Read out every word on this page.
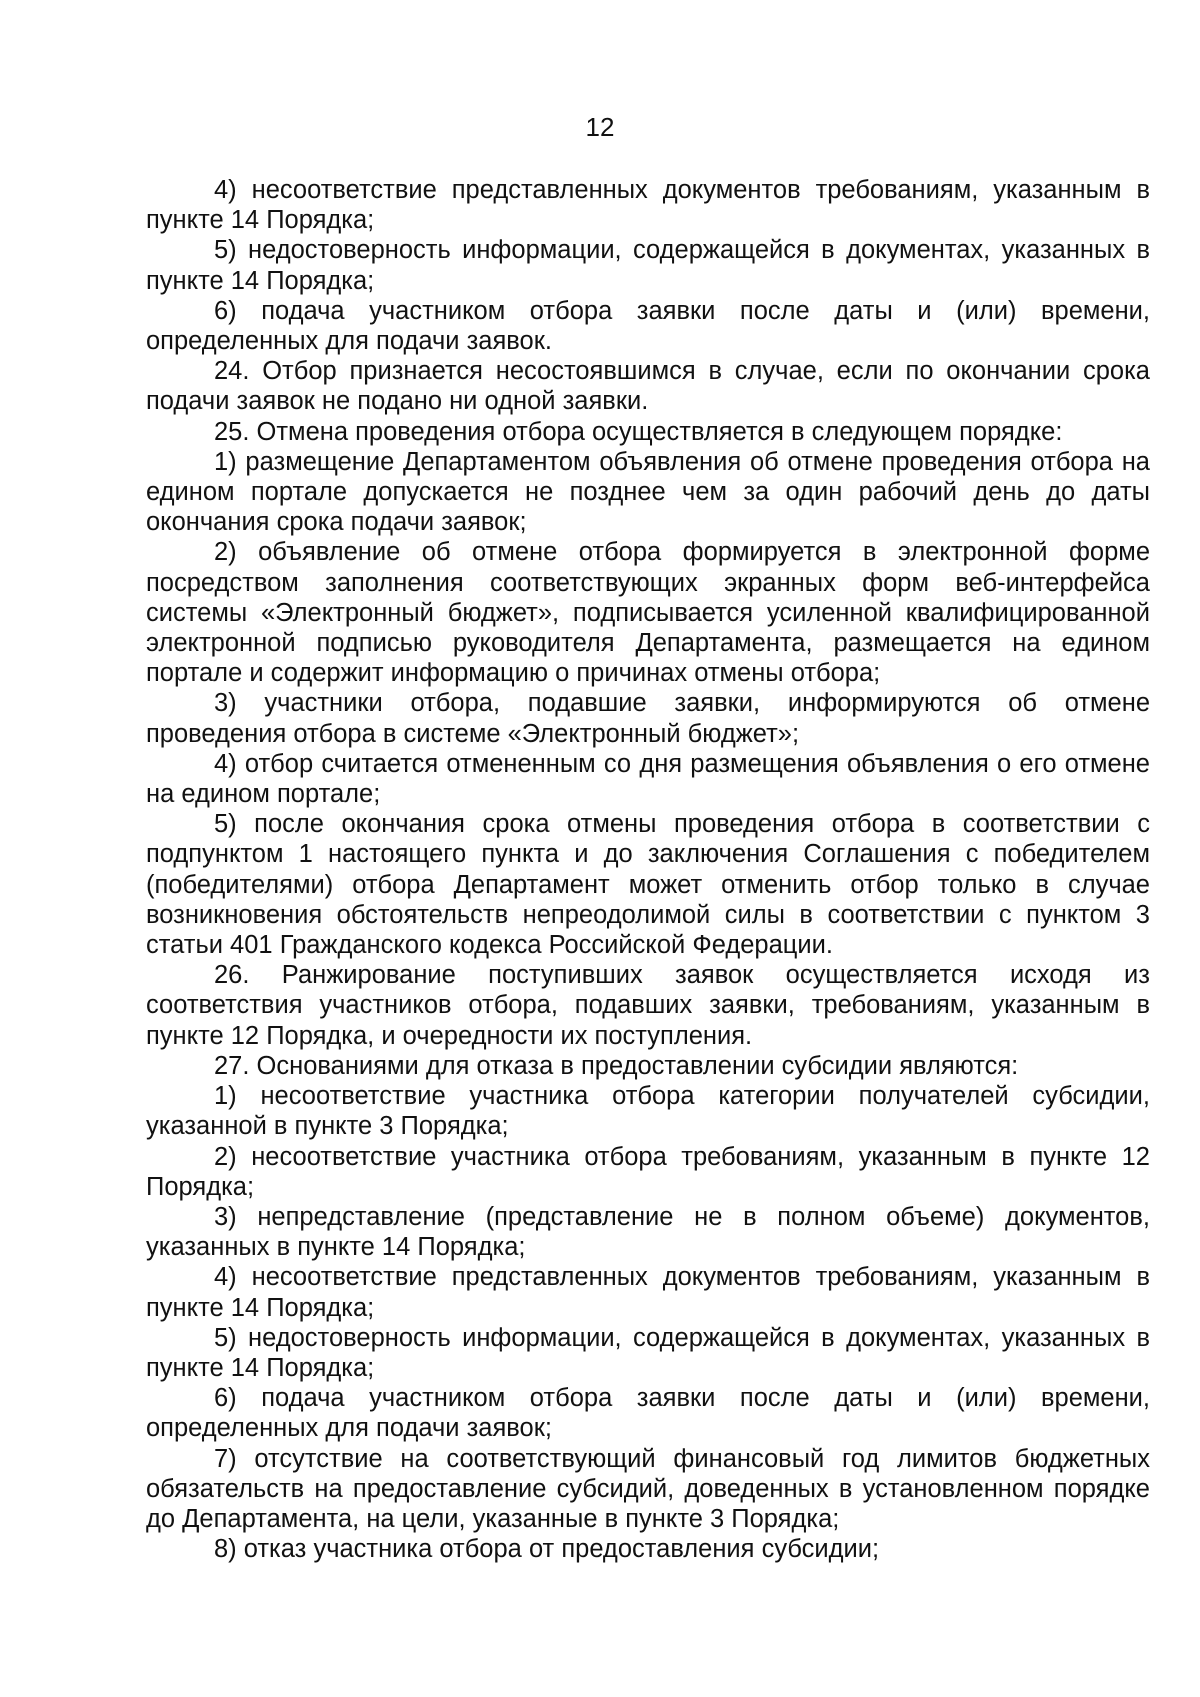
12

4) несоответствие представленных документов требованиям, указанным в пункте 14 Порядка;

5) недостоверность информации, содержащейся в документах, указанных в пункте 14 Порядка;

6) подача участником отбора заявки после даты и (или) времени, определенных для подачи заявок.

24. Отбор признается несостоявшимся в случае, если по окончании срока подачи заявок не подано ни одной заявки.

25. Отмена проведения отбора осуществляется в следующем порядке:

1) размещение Департаментом объявления об отмене проведения отбора на едином портале допускается не позднее чем за один рабочий день до даты окончания срока подачи заявок;

2) объявление об отмене отбора формируется в электронной форме посредством заполнения соответствующих экранных форм веб-интерфейса системы «Электронный бюджет», подписывается усиленной квалифицированной электронной подписью руководителя Департамента, размещается на едином портале и содержит информацию о причинах отмены отбора;

3) участники отбора, подавшие заявки, информируются об отмене проведения отбора в системе «Электронный бюджет»;

4) отбор считается отмененным со дня размещения объявления о его отмене на едином портале;

5) после окончания срока отмены проведения отбора в соответствии с подпунктом 1 настоящего пункта и до заключения Соглашения с победителем (победителями) отбора Департамент может отменить отбор только в случае возникновения обстоятельств непреодолимой силы в соответствии с пунктом 3 статьи 401 Гражданского кодекса Российской Федерации.

26. Ранжирование поступивших заявок осуществляется исходя из соответствия участников отбора, подавших заявки, требованиям, указанным в пункте 12 Порядка, и очередности их поступления.

27. Основаниями для отказа в предоставлении субсидии являются:

1) несоответствие участника отбора категории получателей субсидии, указанной в пункте 3 Порядка;

2) несоответствие участника отбора требованиям, указанным в пункте 12 Порядка;

3) непредставление (представление не в полном объеме) документов, указанных в пункте 14 Порядка;

4) несоответствие представленных документов требованиям, указанным в пункте 14 Порядка;

5) недостоверность информации, содержащейся в документах, указанных в пункте 14 Порядка;

6) подача участником отбора заявки после даты и (или) времени, определенных для подачи заявок;

7) отсутствие на соответствующий финансовый год лимитов бюджетных обязательств на предоставление субсидий, доведенных в установленном порядке до Департамента, на цели, указанные в пункте 3 Порядка;

8) отказ участника отбора от предоставления субсидии;
